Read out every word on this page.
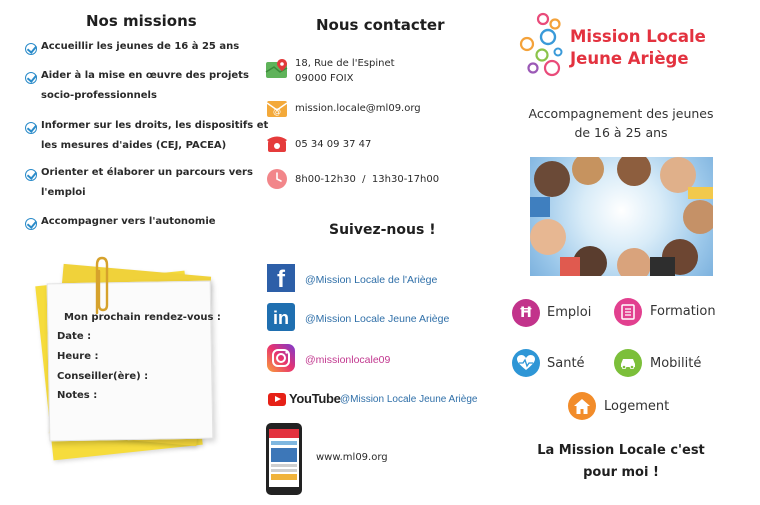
Nos missions
Accueillir les jeunes de 16 à 25 ans
Aider à la mise en œuvre des projets
socio-professionnels
Informer sur les droits, les dispositifs et
les mesures d'aides (CEJ, PACEA)
Orienter et élaborer un parcours vers
l'emploi
Accompagner vers l'autonomie
Mon prochain rendez-vous :
Date :
Heure :
Conseiller(ère) :
Notes :
Nous contacter
18, Rue de l'Espinet
09000 FOIX
@ mission.locale@ml09.org
05 34 09 37 47
8h00-12h30  /  13h30-17h00
Suivez-nous !
f	@Mission Locale de l'Ariège
in	@Mission Locale Jeune Ariège
@missionlocale09
YouTube @Mission Locale Jeune Ariège
www.ml09.org
Mission Locale
Jeune Ariège
Accompagnement des jeunes
de 16 à 25 ans
Ħ	Emploi	Formation
Santé	Mobilité
Logement
La Mission Locale c'est
pour moi !
